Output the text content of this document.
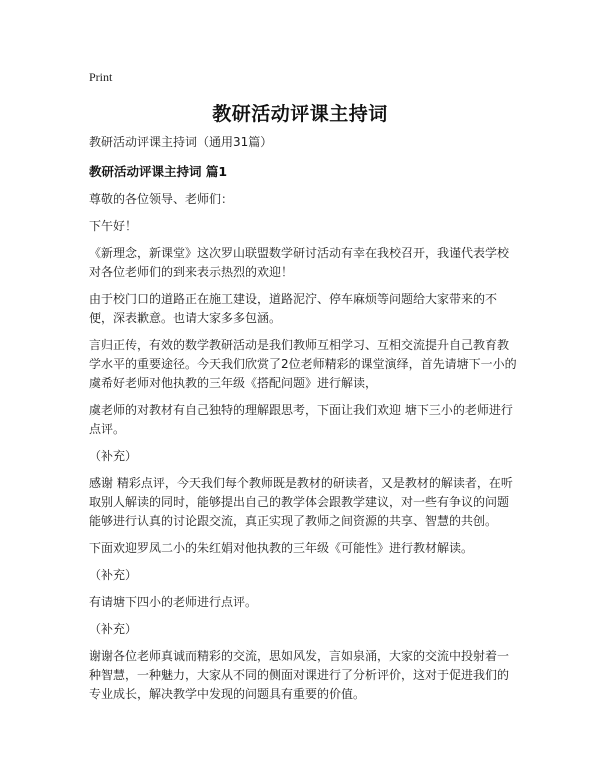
Print
教研活动评课主持词

教研活动评课主持词（通用31篇）

教研活动评课主持词 篇1

尊敬的各位领导、老师们：

下午好！

《新理念，新课堂》这次罗山联盟数学研讨活动有幸在我校召开，我谨代表学校对各位老师们的到来表示热烈的欢迎！

由于校门口的道路正在施工建设，道路泥泞、停车麻烦等问题给大家带来的不便，深表歉意。也请大家多多包涵。

言归正传，有效的数学教研活动是我们教师互相学习、互相交流提升自己教育教学水平的重要途径。今天我们欣赏了2位老师精彩的课堂演绎，首先请塘下一小的虞希好老师对他执教的三年级《搭配问题》进行解读，

虞老师的对教材有自己独特的理解跟思考，下面让我们欢迎 塘下三小的老师进行点评。

（补充）

感谢 精彩点评，今天我们每个教师既是教材的研读者，又是教材的解读者，在听取别人解读的同时，能够提出自己的教学体会跟教学建议，对一些有争议的问题能够进行认真的讨论跟交流，真正实现了教师之间资源的共享、智慧的共创。

下面欢迎罗凤二小的朱红娟对他执教的三年级《可能性》进行教材解读。

（补充）

有请塘下四小的老师进行点评。

（补充）

谢谢各位老师真诚而精彩的交流，思如风发，言如泉涌，大家的交流中投射着一种智慧，一种魅力，大家从不同的侧面对课进行了分析评价，这对于促进我们的专业成长，解决教学中发现的问题具有重要的价值。
